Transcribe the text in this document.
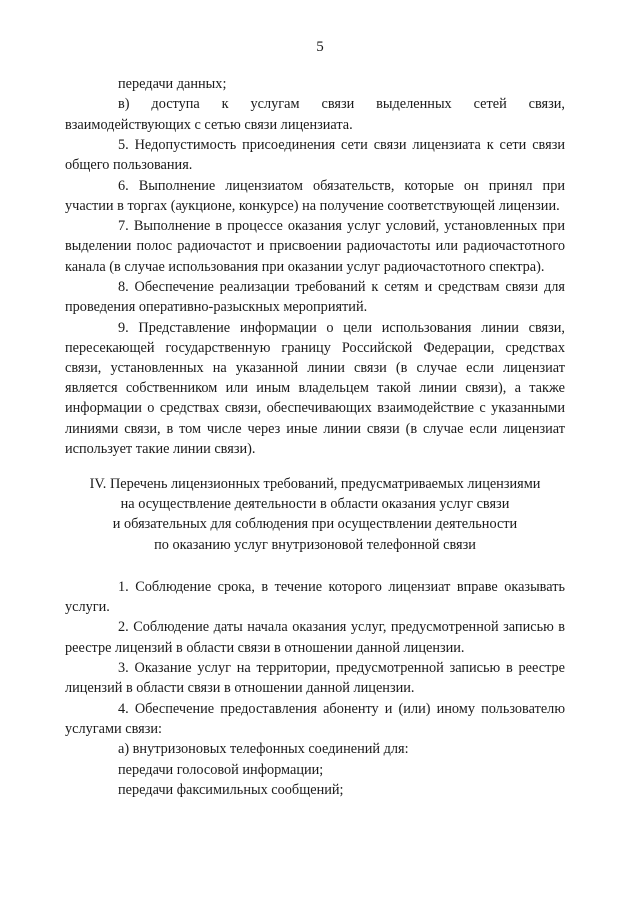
5

передачи данных;

в) доступа к услугам связи выделенных сетей связи, взаимодействующих с сетью связи лицензиата.

5. Недопустимость присоединения сети связи лицензиата к сети связи общего пользования.

6. Выполнение лицензиатом обязательств, которые он принял при участии в торгах (аукционе, конкурсе) на получение соответствующей лицензии.

7. Выполнение в процессе оказания услуг условий, установленных при выделении полос радиочастот и присвоении радиочастоты или радиочастотного канала (в случае использования при оказании услуг радиочастотного спектра).

8. Обеспечение реализации требований к сетям и средствам связи для проведения оперативно-разыскных мероприятий.

9. Представление информации о цели использования линии связи, пересекающей государственную границу Российской Федерации, средствах связи, установленных на указанной линии связи (в случае если лицензиат является собственником или иным владельцем такой линии связи), а также информации о средствах связи, обеспечивающих взаимодействие с указанными линиями связи, в том числе через иные линии связи (в случае если лицензиат использует такие линии связи).

IV. Перечень лицензионных требований, предусматриваемых лицензиями
на осуществление деятельности в области оказания услуг связи
и обязательных для соблюдения при осуществлении деятельности
по оказанию услуг внутризоновой телефонной связи

1. Соблюдение срока, в течение которого лицензиат вправе оказывать услуги.

2. Соблюдение даты начала оказания услуг, предусмотренной записью в реестре лицензий в области связи в отношении данной лицензии.

3. Оказание услуг на территории, предусмотренной записью в реестре лицензий в области связи в отношении данной лицензии.

4. Обеспечение предоставления абоненту и (или) иному пользователю услугами связи:

а) внутризоновых телефонных соединений для:

передачи голосовой информации;

передачи факсимильных сообщений;
